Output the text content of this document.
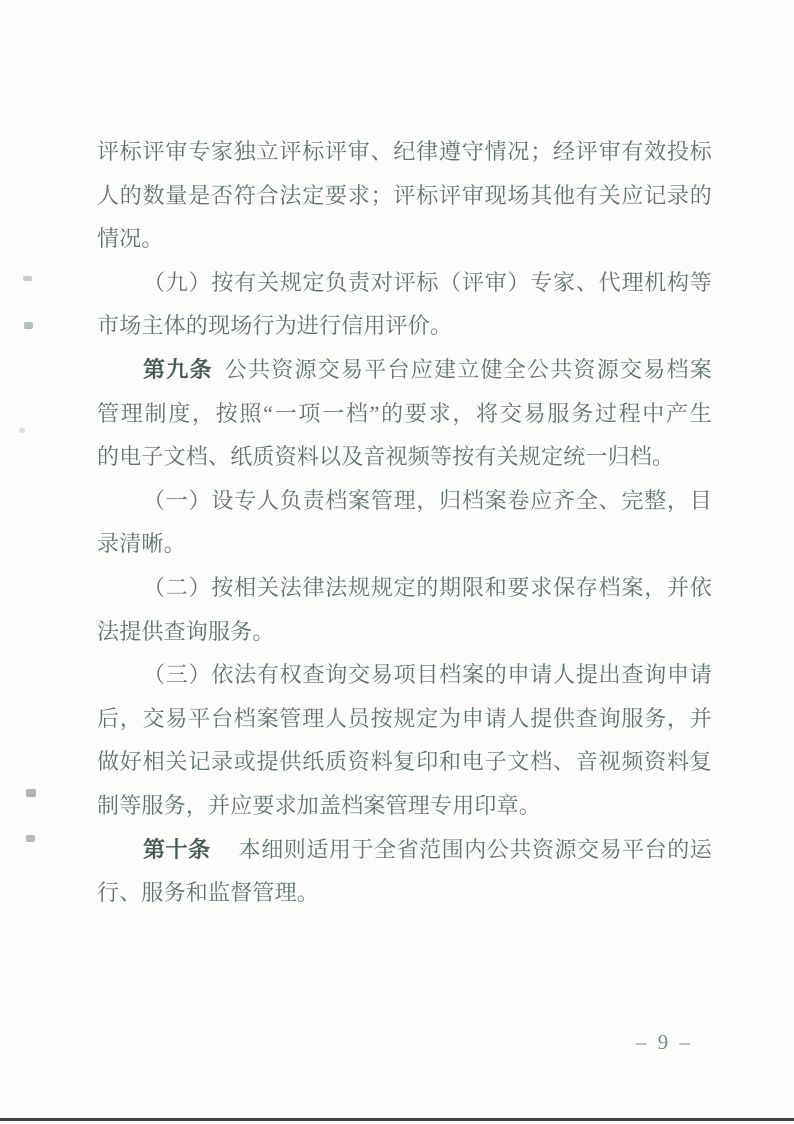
评标评审专家独立评标评审、纪律遵守情况；经评审有效投标
人的数量是否符合法定要求；评标评审现场其他有关应记录的
情况。
（九）按有关规定负责对评标（评审）专家、代理机构等
市场主体的现场行为进行信用评价。
第九条 公共资源交易平台应建立健全公共资源交易档案
管理制度，按照“一项一档”的要求，将交易服务过程中产生
的电子文档、纸质资料以及音视频等按有关规定统一归档。
（一）设专人负责档案管理，归档案卷应齐全、完整，目
录清晰。
（二）按相关法律法规规定的期限和要求保存档案，并依
法提供查询服务。
（三）依法有权查询交易项目档案的申请人提出查询申请
后，交易平台档案管理人员按规定为申请人提供查询服务，并
做好相关记录或提供纸质资料复印和电子文档、音视频资料复
制等服务，并应要求加盖档案管理专用印章。
第十条 本细则适用于全省范围内公共资源交易平台的运
行、服务和监督管理。
– 9 –
